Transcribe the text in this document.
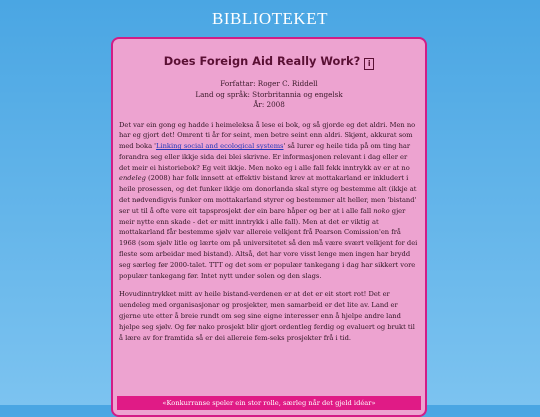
BIBLIOTEKET
Does Foreign Aid Really Work? i
Forfattar: Roger C. Riddell
Land og språk: Storbritannia og engelsk
År: 2008

Det var ein gong eg hadde i heimeleksa å lese ei bok, og så gjorde eg det aldri. Men no har eg gjort det! Omrent ti år for seint, men betre seint enn aldri. Skjønt, akkurat som med boka 'Linking social and ecological systems' så lurer eg heile tida på om ting har forandra seg eller ikkje sida dei blei skrivne. Er informasjonen relevant i dag eller er det meir ei historiebok? Eg veit ikkje. Men noko eg i alle fall fekk inntrykk av er at no endeleg (2008) har folk innsett at effektiv bistand krev at mottakarland er inkludert i heile prosessen, og det funker ikkje om donorlanda skal styre og bestemme alt (ikkje at det nødvendigvis funker om mottakarland styrer og bestemmer alt heller, men 'bistand' ser ut til å ofte vere eit tapsprosjekt der ein bare håper og ber at i alle fall noko gjer meir nytte enn skade - det er mitt inntrykk i alle fall). Men at det er viktig at mottakarland får bestemme sjølv var allereie velkjent frå Pearson Comission'en frå 1968 (som sjølv litle og lærte om på universitetet så den må være svært velkjent for dei fleste som arbeidar med bistand). Altså, det har vore visst lenge men ingen har brydd seg særleg før 2000-talet. TTT og det som er populær tankegang i dag har sikkert vore populær tankegang før. Intet nytt under solen og den slags.

Hovudinntrykket mitt av heile bistand-verdenen er at det er eit stort rot! Det er uendeleg med organisasjonar og prosjekter, men samarbeid er det lite av. Land er gjerne ute etter å breie rundt om seg sine eigne interesser enn å hjelpe andre land hjelpe seg sjølv. Og før nako prosjekt blir gjort ordentleg ferdig og evaluert og brukt til å lære av for framtida så er dei allereie fem-seks prosjekter frå i tid.

«Konkurranse speler ein stor rolle, særleg når det gjeld idéar»
